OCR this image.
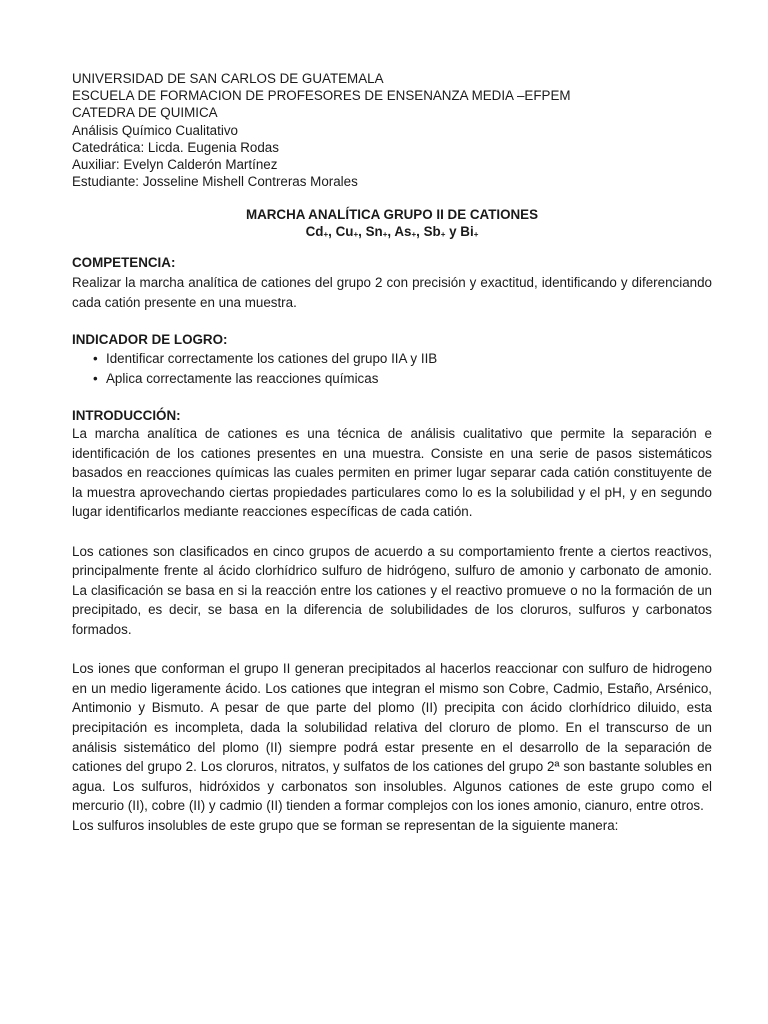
UNIVERSIDAD DE SAN CARLOS DE GUATEMALA
ESCUELA DE FORMACION DE PROFESORES DE ENSENANZA MEDIA –EFPEM
CATEDRA DE QUIMICA
Análisis Químico Cualitativo
Catedrática: Licda. Eugenia Rodas
Auxiliar: Evelyn Calderón Martínez
Estudiante: Josseline Mishell Contreras Morales
MARCHA ANALÍTICA GRUPO II DE CATIONES
$Cd_+$, $Cu_+$, $Sn_+$, $As_+$, $Sb_+$ y $Bi_+$
COMPETENCIA:

Realizar la marcha analítica de cationes del grupo 2 con precisión y exactitud, identificando y diferenciando cada catión presente en una muestra.

INDICADOR DE LOGRO:
• Identificar correctamente los cationes del grupo IIA y IIB
• Aplica correctamente las reacciones químicas
INTRODUCCIÓN:

La marcha analítica de cationes es una técnica de análisis cualitativo que permite la separación e identificación de los cationes presentes en una muestra. Consiste en una serie de pasos sistemáticos basados en reacciones químicas las cuales permiten en primer lugar separar cada catión constituyente de la muestra aprovechando ciertas propiedades particulares como lo es la solubilidad y el pH, y en segundo lugar identificarlos mediante reacciones específicas de cada catión.

Los cationes son clasificados en cinco grupos de acuerdo a su comportamiento frente a ciertos reactivos, principalmente frente al ácido clorhídrico sulfuro de hidrógeno, sulfuro de amonio y carbonato de amonio. La clasificación se basa en si la reacción entre los cationes y el reactivo promueve o no la formación de un precipitado, es decir, se basa en la diferencia de solubilidades de los cloruros, sulfuros y carbonatos formados.

Los iones que conforman el grupo II generan precipitados al hacerlos reaccionar con sulfuro de hidrogeno en un medio ligeramente ácido. Los cationes que integran el mismo son Cobre, Cadmio, Estaño, Arsénico, Antimonio y Bismuto. A pesar de que parte del plomo (II) precipita con ácido clorhídrico diluido, esta precipitación es incompleta, dada la solubilidad relativa del cloruro de plomo. En el transcurso de un análisis sistemático del plomo (II) siempre podrá estar presente en el desarrollo de la separación de cationes del grupo 2. Los cloruros, nitratos, y sulfatos de los cationes del grupo 2ª son bastante solubles en agua. Los sulfuros, hidróxidos y carbonatos son insolubles. Algunos cationes de este grupo como el mercurio (II), cobre (II) y cadmio (II) tienden a formar complejos con los iones amonio, cianuro, entre otros.

Los sulfuros insolubles de este grupo que se forman se representan de la siguiente manera:
